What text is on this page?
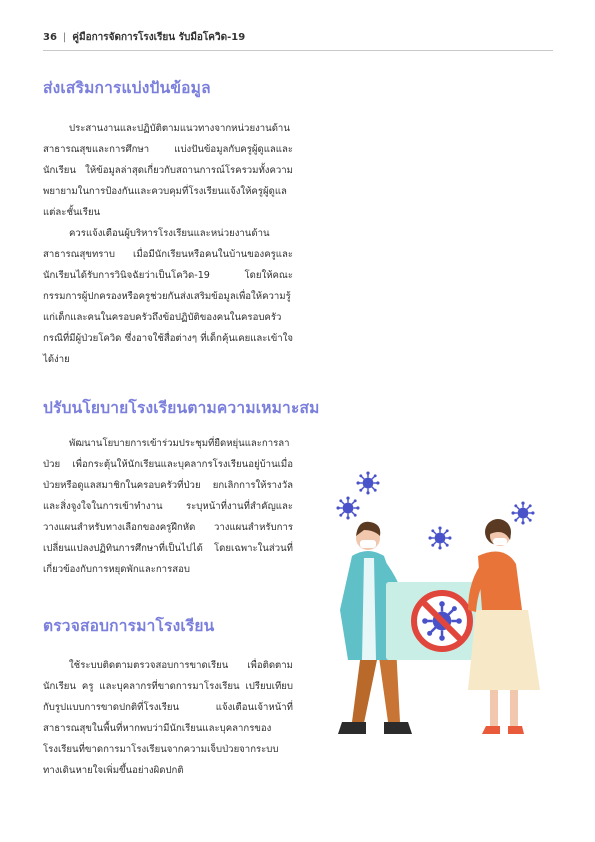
36 | คู่มือการจัดการโรงเรียน รับมือโควิด-19
ส่งเสริมการแบ่งปันข้อมูล

ประสานงานและปฏิบัติตามแนวทางจากหน่วยงานด้านสาธารณสุขและการศึกษา แบ่งปันข้อมูลกับครูผู้ดูแลและนักเรียน ให้ข้อมูลล่าสุดเกี่ยวกับสถานการณ์โรครวมทั้งความพยายามในการป้องกันและควบคุมที่โรงเรียนแจ้งให้ครูผู้ดูแลแต่ละชั้นเรียน

ควรแจ้งเตือนผู้บริหารโรงเรียนและหน่วยงานด้านสาธารณสุขทราบ เมื่อมีนักเรียนหรือคนในบ้านของครูและนักเรียนได้รับการวินิจฉัยว่าเป็นโควิด-19 โดยให้คณะกรรมการผู้ปกครองหรือครูช่วยกันส่งเสริมข้อมูลเพื่อให้ความรู้แก่เด็กและคนในครอบครัวถึงข้อปฏิบัติของคนในครอบครัวกรณีที่มีผู้ป่วยโควิด ซึ่งอาจใช้สื่อต่างๆ ที่เด็กคุ้นเคยและเข้าใจได้ง่าย

ปรับนโยบายโรงเรียนตามความเหมาะสม

พัฒนานโยบายการเข้าร่วมประชุมที่ยืดหยุ่นและการลาป่วย เพื่อกระตุ้นให้นักเรียนและบุคลากรโรงเรียนอยู่บ้านเมื่อป่วยหรือดูแลสมาชิกในครอบครัวที่ป่วย ยกเลิกการให้รางวัลและสิ่งจูงใจในการเข้าทำงาน ระบุหน้าที่งานที่สำคัญและวางแผนสำหรับทางเลือกของครูฝึกหัด วางแผนสำหรับการเปลี่ยนแปลงปฏิทินการศึกษาที่เป็นไปได้ โดยเฉพาะในส่วนที่เกี่ยวข้องกับการหยุดพักและการสอบ

ตรวจสอบการมาโรงเรียน

ใช้ระบบติดตามตรวจสอบการขาดเรียน เพื่อติดตามนักเรียน ครู และบุคลากรที่ขาดการมาโรงเรียน เปรียบเทียบกับรูปแบบการขาดปกติที่โรงเรียน แจ้งเตือนเจ้าหน้าที่สาธารณสุขในพื้นที่หากพบว่ามีนักเรียนและบุคลากรของโรงเรียนที่ขาดการมาโรงเรียนจากความเจ็บป่วยจากระบบทางเดินหายใจเพิ่มขึ้นอย่างผิดปกติ
